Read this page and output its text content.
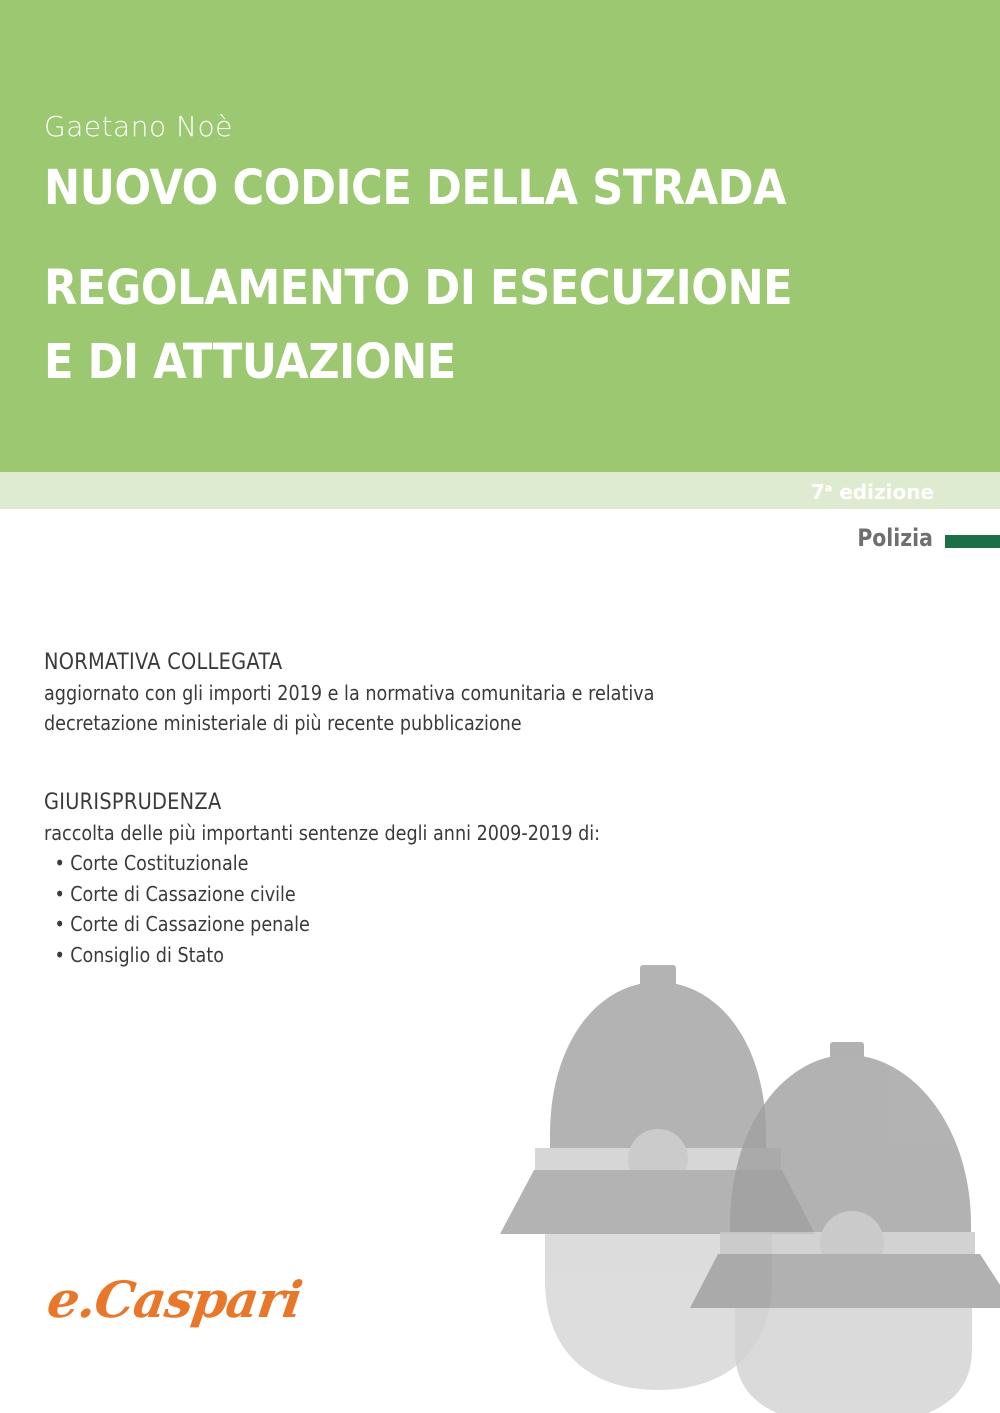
Gaetano Noè
NUOVO CODICE DELLA STRADA
REGOLAMENTO DI ESECUZIONE
E DI ATTUAZIONE
7$^a$ edizione
Polizia

NORMATIVA COLLEGATA

aggiornato con gli importi 2019 e la normativa comunitaria e relativa

decretazione ministeriale di più recente pubblicazione

GIURISPRUDENZA

raccolta delle più importanti sentenze degli anni 2009-2019 di:

• Corte Costituzionale
• Corte di Cassazione civile
• Corte di Cassazione penale
• Consiglio di Stato
e.Caspari
